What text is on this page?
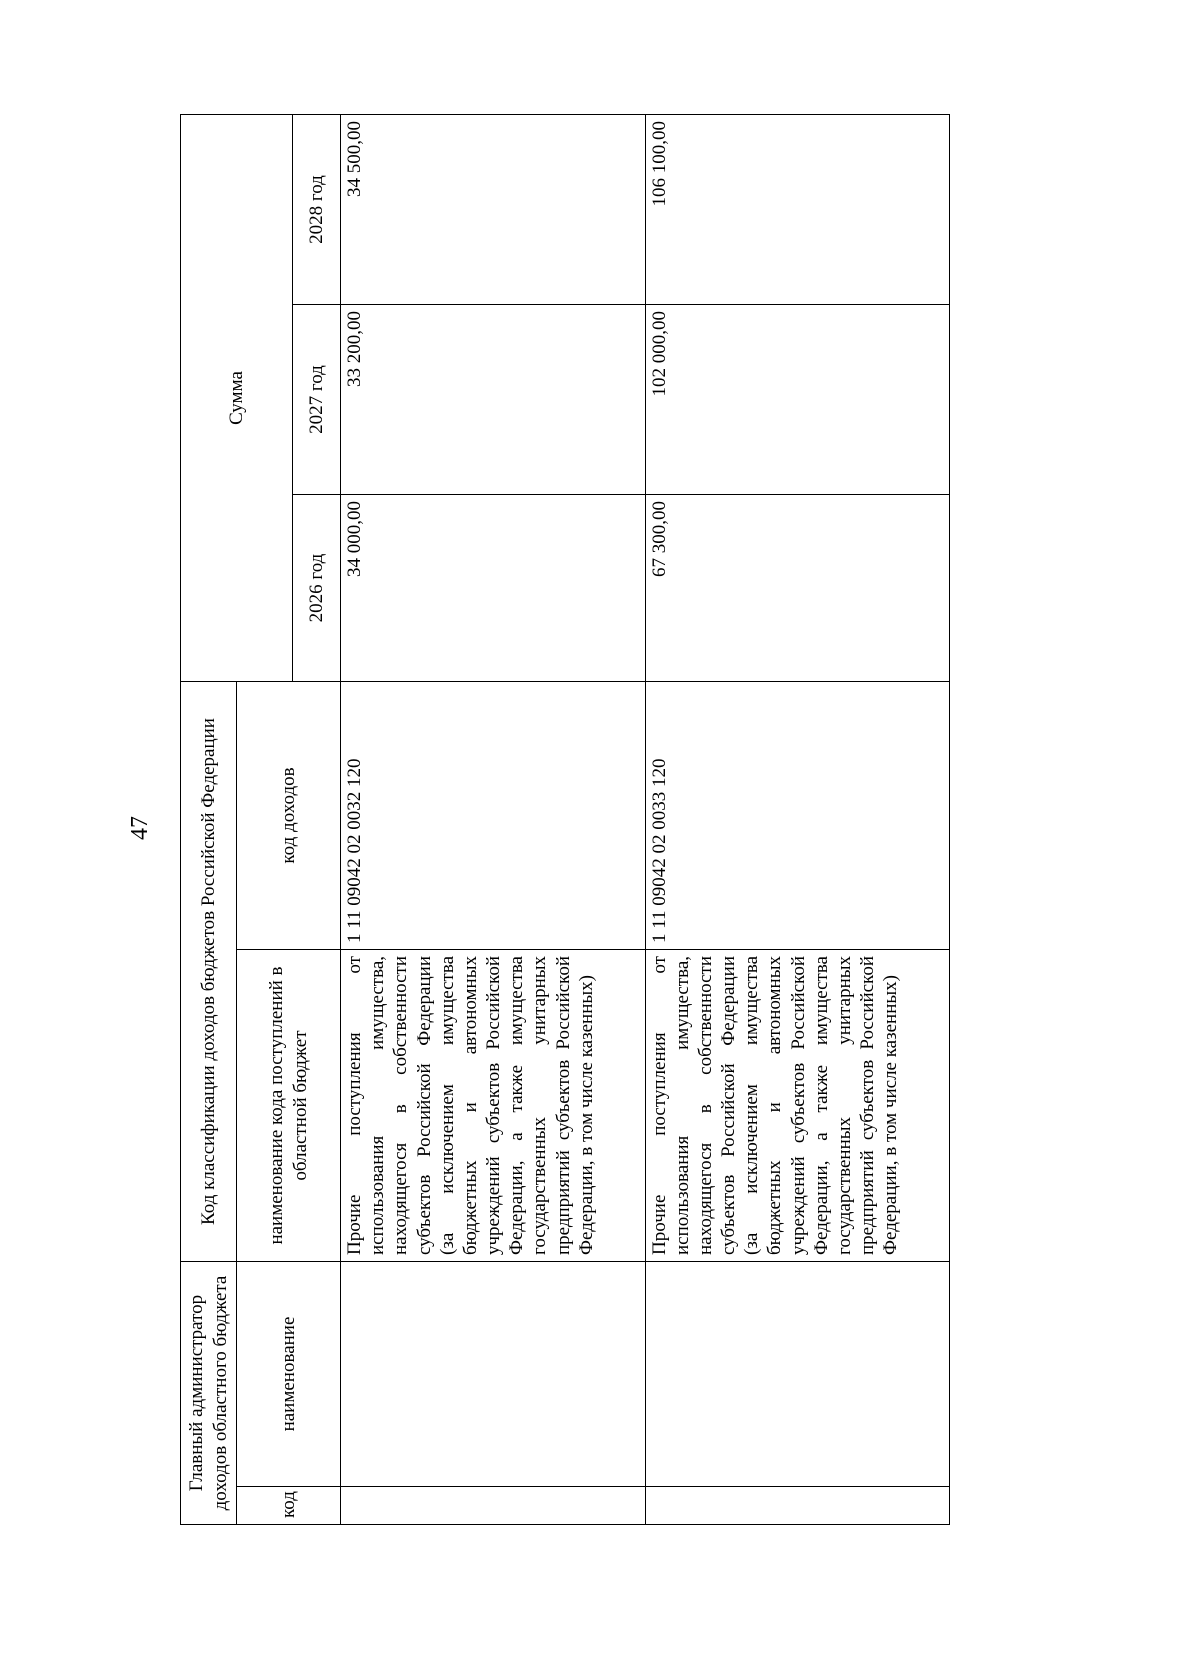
47
Главный администратор доходов областного бюджета		Код классификации доходов бюджетов Российской Федерации		Сумма		
код	наименование	наименование кода поступлений в областной бюджет	код доходов			
				2026 год	2027 год	2028 год
		Прочие поступления от использования имущества, находящегося в собственности субъектов Российской Федерации (за исключением имущества бюджетных и автономных учреждений субъектов Российской Федерации, а также имущества государственных унитарных предприятий субъектов Российской Федерации, в том числе казенных)	1 11 09042 02 0032 120	34 000,00	33 200,00	34 500,00
		Прочие поступления от использования имущества, находящегося в собственности субъектов Российской Федерации (за исключением имущества бюджетных и автономных учреждений субъектов Российской Федерации, а также имущества государственных унитарных предприятий субъектов Российской Федерации, в том числе казенных)	1 11 09042 02 0033 120	67 300,00	102 000,00	106 100,00
